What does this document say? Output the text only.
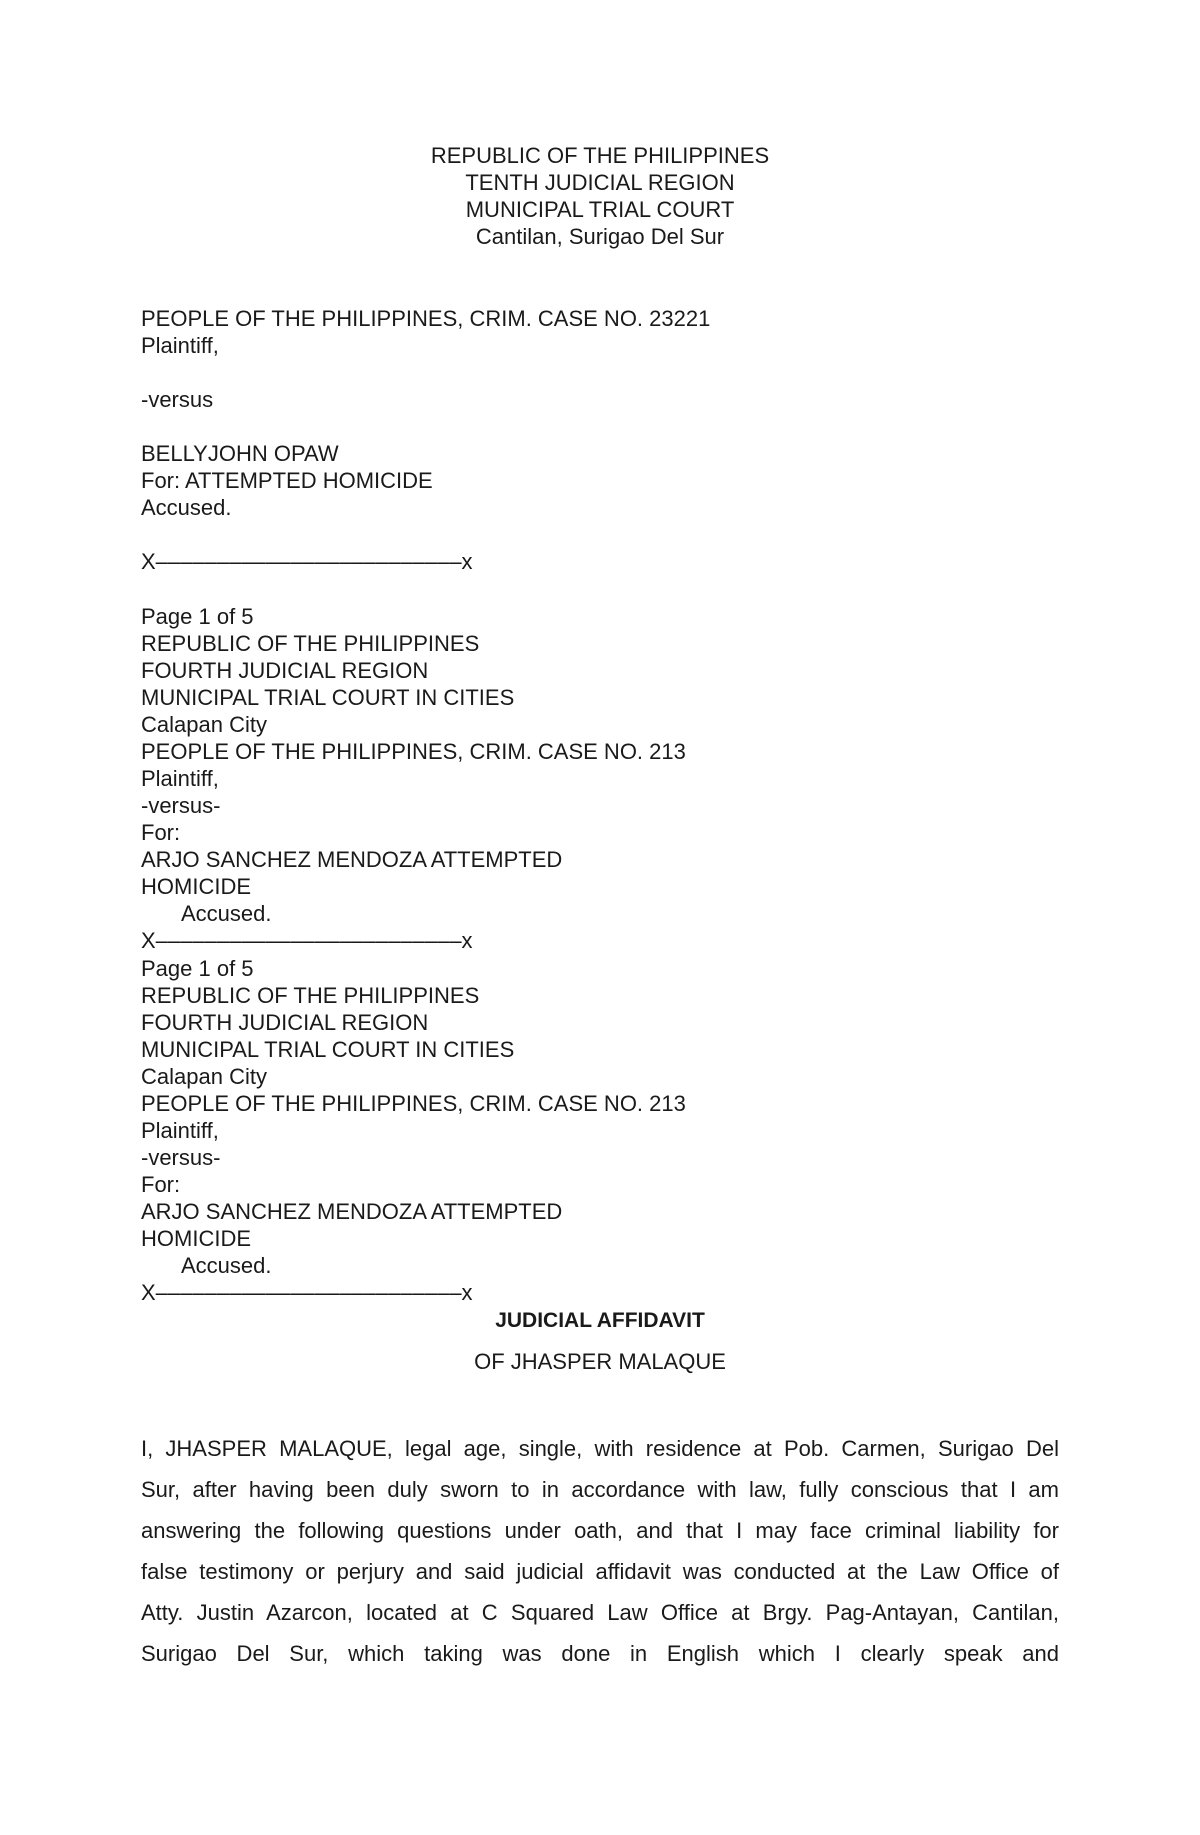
REPUBLIC OF THE PHILIPPINES
TENTH JUDICIAL REGION
MUNICIPAL TRIAL COURT
Cantilan, Surigao Del Sur
PEOPLE OF THE PHILIPPINES, CRIM. CASE NO. 23221
Plaintiff,
-versus
BELLYJOHN OPAW
For: ATTEMPTED HOMICIDE
Accused.
X–––––––––––––––––––––––––x
Page 1 of 5
REPUBLIC OF THE PHILIPPINES
FOURTH JUDICIAL REGION
MUNICIPAL TRIAL COURT IN CITIES
Calapan City
PEOPLE OF THE PHILIPPINES, CRIM. CASE NO. 213
Plaintiff,
-versus-
For:
ARJO SANCHEZ MENDOZA ATTEMPTED
HOMICIDE
Accused.
X–––––––––––––––––––––––––x
Page 1 of 5
REPUBLIC OF THE PHILIPPINES
FOURTH JUDICIAL REGION
MUNICIPAL TRIAL COURT IN CITIES
Calapan City
PEOPLE OF THE PHILIPPINES, CRIM. CASE NO. 213
Plaintiff,
-versus-
For:
ARJO SANCHEZ MENDOZA ATTEMPTED
HOMICIDE
Accused.
X–––––––––––––––––––––––––x
JUDICIAL AFFIDAVIT
OF JHASPER MALAQUE
I, JHASPER MALAQUE, legal age, single, with residence at Pob. Carmen, Surigao Del
Sur, after having been duly sworn to in accordance with law, fully conscious that I am
answering the following questions under oath, and that I may face criminal liability for
false testimony or perjury and said judicial affidavit was conducted at the Law Office of
Atty. Justin Azarcon, located at C Squared Law Office at Brgy. Pag-Antayan, Cantilan,
Surigao Del Sur, which taking was done in English which I clearly speak and
